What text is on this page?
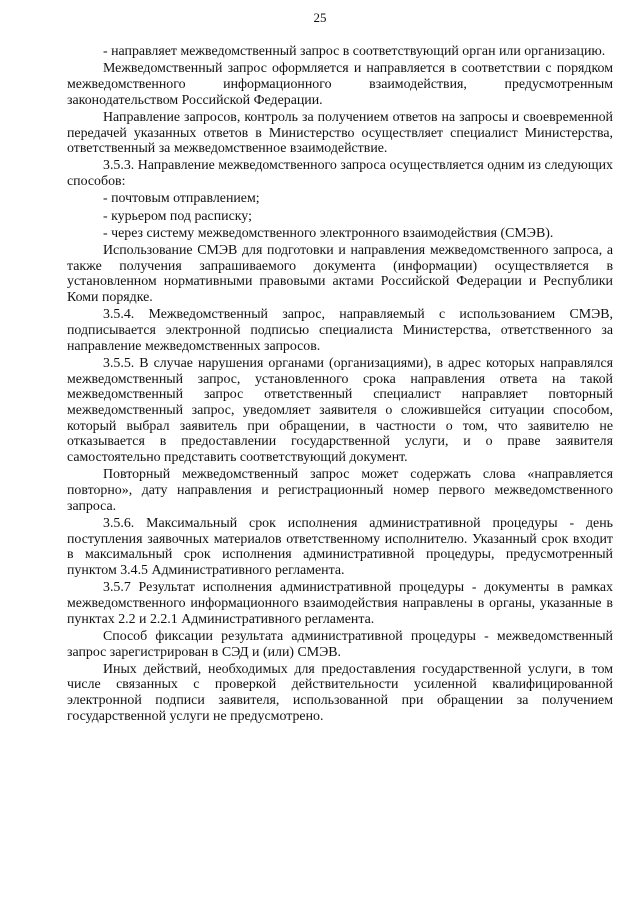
25

- направляет межведомственный запрос в соответствующий орган или организацию.

Межведомственный запрос оформляется и направляется в соответствии с порядком межведомственного информационного взаимодействия, предусмотренным законодательством Российской Федерации.

Направление запросов, контроль за получением ответов на запросы и своевременной передачей указанных ответов в Министерство осуществляет специалист Министерства, ответственный за межведомственное взаимодействие.

3.5.3. Направление межведомственного запроса осуществляется одним из следующих способов:

- почтовым отправлением;

- курьером под расписку;

- через систему межведомственного электронного взаимодействия (СМЭВ).

Использование СМЭВ для подготовки и направления межведомственного запроса, а также получения запрашиваемого документа (информации) осуществляется в установленном нормативными правовыми актами Российской Федерации и Республики Коми порядке.

3.5.4. Межведомственный запрос, направляемый с использованием СМЭВ, подписывается электронной подписью специалиста Министерства, ответственного за направление межведомственных запросов.

3.5.5. В случае нарушения органами (организациями), в адрес которых направлялся межведомственный запрос, установленного срока направления ответа на такой межведомственный запрос ответственный специалист направляет повторный межведомственный запрос, уведомляет заявителя о сложившейся ситуации способом, который выбрал заявитель при обращении, в частности о том, что заявителю не отказывается в предоставлении государственной услуги, и о праве заявителя самостоятельно представить соответствующий документ.

Повторный межведомственный запрос может содержать слова «направляется повторно», дату направления и регистрационный номер первого межведомственного запроса.

3.5.6. Максимальный срок исполнения административной процедуры - день поступления заявочных материалов ответственному исполнителю. Указанный срок входит в максимальный срок исполнения административной процедуры, предусмотренный пунктом 3.4.5 Административного регламента.

3.5.7 Результат исполнения административной процедуры - документы в рамках межведомственного информационного взаимодействия направлены в органы, указанные в пунктах 2.2 и 2.2.1 Административного регламента.

Способ фиксации результата административной процедуры - межведомственный запрос зарегистрирован в СЭД и (или) СМЭВ.

Иных действий, необходимых для предоставления государственной услуги, в том числе связанных с проверкой действительности усиленной квалифицированной электронной подписи заявителя, использованной при обращении за получением государственной услуги не предусмотрено.
